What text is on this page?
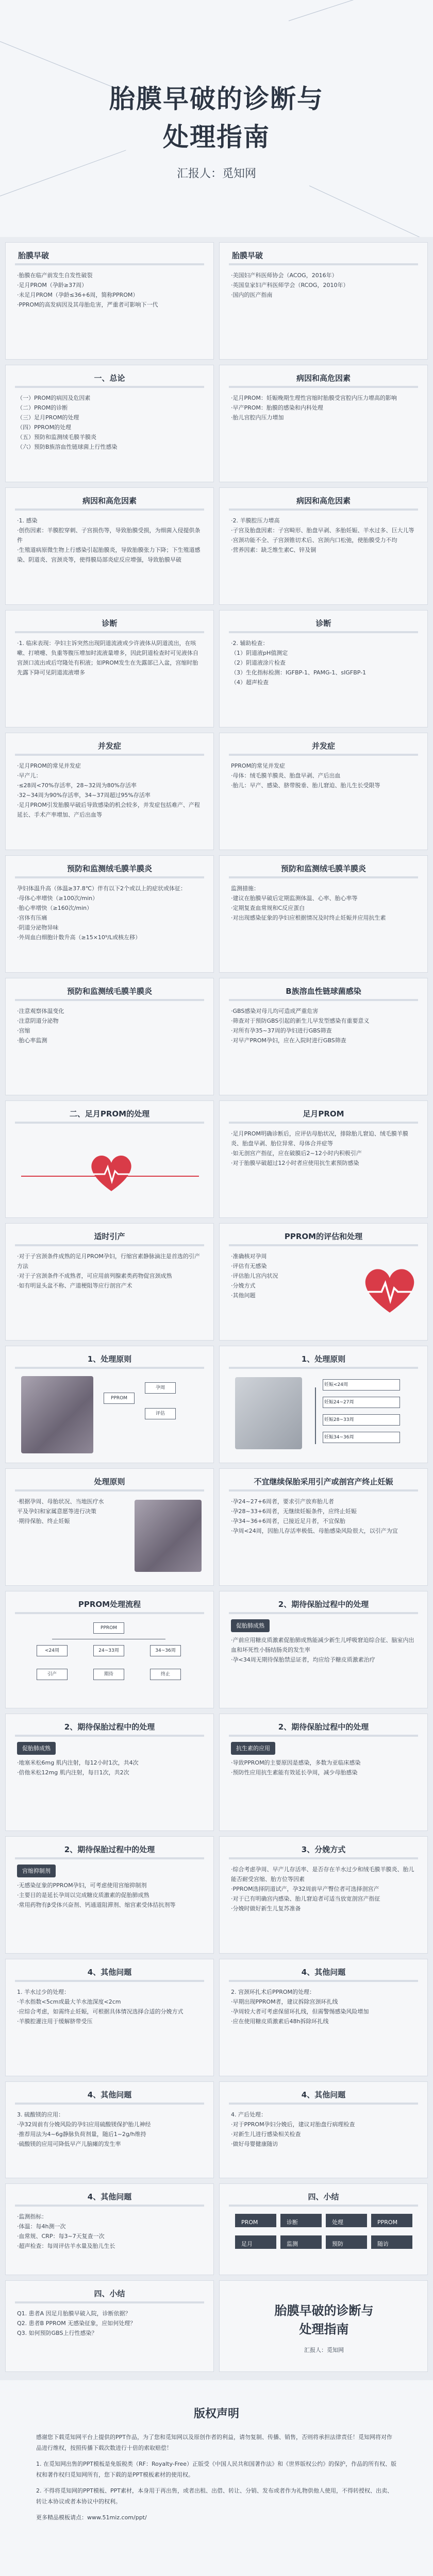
胎膜早破的诊断与
处理指南
汇报人：觅知网
胎膜早破

·胎膜在临产前发生自发性破裂

·足月PROM（孕龄≥37周）

·未足月PROM（孕龄≤36+6周，简称PPROM）

·PPROM的高发病因及其母胎危害，严重者可影响下一代

胎膜早破

·美国妇产科医师协会（ACOG，2016年）

·英国皇家妇产科医师学会（RCOG，2010年）

·国内的医产指南

一、总论

（一）PROM的病因及危因素

（二）PROM的诊断

（三）足月PROM的处理

（四）PPROM的处理

（五）预防和监测绒毛膜羊膜炎

（六）预防B族溶血性链球菌上行性感染

病因和高危因素

·足月PROM：妊娠晚期生理性宫缩时胎膜受宫腔内压力增高的影响

·早产PROM：胎膜的感染和内科处理

·胎儿宫腔内压力增加

病因和高危因素

·1. 感染

·创伤因素：羊膜腔穿刺、子宫损伤等，导致胎膜受损，为细菌入侵提供条件

·生殖道病原微生物上行感染引起胎膜炎，导致胎膜张力下降；下生殖道感染、阴道炎、宫颈炎等，使得膜局部炎症反应增强，导致胎膜早破

病因和高危因素

·2. 羊膜腔压力增高

·子宫及胎盘因素：子宫畸形、胎盘早剥、多胎妊娠、羊水过多、巨大儿等

·宫颈功能不全、子宫颈锥切术后、宫颈内口松弛，使胎膜受力不均

·营养因素：缺乏维生素C、锌及铜

诊断
·1. 临床表现：孕妇主诉突然出现阴道流液或少许液体从阴道流出，在咳嗽、打喷嚏、负重等腹压增加时流液量增多，因此阴道检查时可见液体自宫颈口流出或后穹隆处有积液；如PROM发生在先露部已入盆，宫缩时胎先露下降可见阴道流液增多
诊断

·2. 辅助检查：

（1）阴道液pH值测定

（2）阴道液涂片检查

（3）生化指标检测：IGFBP-1、PAMG-1、sIGFBP-1

（4）超声检查

并发症

·足月PROM的常见并发症

·早产儿：

·≤28周<70%存活率，28~32周为80%存活率

·32~34周为90%存活率，34~37周超过95%存活率

·足月PROM引发胎膜早破后导致感染的机会较多，并发症包括难产、产程延长、手术产率增加、产后出血等

并发症

PPROM的常见并发症

·母体：绒毛膜羊膜炎、胎盘早剥、产后出血

·胎儿：早产、感染、脐带脱垂、胎儿窘迫、胎儿生长受限等

预防和监测绒毛膜羊膜炎

孕妇体温升高（体温≥37.8℃）伴有以下2个或以上的症状或体征：

·母体心率增快（≥100次/min）

·胎心率增快（≥160次/min）

·宫体有压痛

·阴道分泌物异味

·外周血白细胞计数升高（≥15×10⁹/L或核左移）

预防和监测绒毛膜羊膜炎

监测措施：

·建议在胎膜早破后定期监测体温、心率、胎心率等

·定期复查血常规和C反应蛋白

·对出现感染征象的孕妇应根据情况及时终止妊娠并应用抗生素

预防和监测绒毛膜羊膜炎

·注意观察体温变化

·注意阴道分泌物

·宫缩

·胎心率监测

B族溶血性链球菌感染

·GBS感染对母儿均可造成严重危害

·筛查对于预防GBS引起的新生儿早发型感染有重要意义

·对所有孕35~37周的孕妇进行GBS筛查

·对早产PROM孕妇，应在入院时进行GBS筛查

二、足月PROM的处理	足月PROM

·足月PROM明确诊断后，应评估母胎状况，排除胎儿窘迫、绒毛膜羊膜炎、胎盘早剥、胎位异常、母体合并症等

·如无剖宫产指征，应在破膜后2~12小时内积极引产

·对于胎膜早破超过12小时者应使用抗生素预防感染

适时引产

·对于子宫颈条件成熟的足月PROM孕妇，行缩宫素静脉滴注是首选的引产方法

·对于子宫颈条件不成熟者，可应用前列腺素类药物促宫颈成熟

·如有明显头盆不称、产道梗阻等应行剖宫产术

PPROM的评估和处理

·准确核对孕周

·评估有无感染

·评估胎儿宫内状况

·分娩方式

·其他问题

1、处理原则
PPROM
孕周
评估
1、处理原则
妊娠<24周
妊娠24~27周
妊娠28~33周
妊娠34~36周
处理原则

·根据孕周、母胎状况、当地医疗水平及孕妇和家属意愿等进行决策

·期待保胎、终止妊娠

不宜继续保胎采用引产或剖宫产终止妊娠

·孕24~27+6周者，要求引产放弃胎儿者

·孕28~33+6周者，无继续妊娠条件，应终止妊娠

·孕34~36+6周者，已接近足月者，不宜保胎

·孕周<24周，因胎儿存活率极低、母胎感染风险很大，以引产为宜

PPROM处理流程
PPROM
<24周	24~33周	34~36周
引产	期待	终止
2、期待保胎过程中的处理
促胎肺成熟

·产前应用糖皮质激素促胎肺成熟能减少新生儿呼吸窘迫综合征、脑室内出血和坏死性小肠结肠炎的发生率

·孕<34周无期待保胎禁忌证者，均应给予糖皮质激素治疗

2、期待保胎过程中的处理
促胎肺成熟

·地塞米松6mg 肌内注射，每12小时1次，共4次

·倍他米松12mg 肌内注射，每日1次，共2次

2、期待保胎过程中的处理
抗生素的应用

·导致PPROM的主要原因是感染，多数为亚临床感染

·预防性应用抗生素能有效延长孕周，减少母胎感染

2、期待保胎过程中的处理
宫缩抑制剂

·无感染征象的PPROM孕妇，可考虑使用宫缩抑制剂

·主要目的是延长孕周以完成糖皮质激素的促胎肺成熟

·常用药物有β受体兴奋剂、钙通道阻滞剂、缩宫素受体拮抗剂等

3、分娩方式

·综合考虑孕周、早产儿存活率、是否存在羊水过少和绒毛膜羊膜炎、胎儿能否耐受宫缩、胎方位等因素

·PPROM选择阴道试产，孕32周前早产臀位者可选择剖宫产

·对于已有明确宫内感染、胎儿窘迫者可适当放宽剖宫产指征

·分娩时做好新生儿复苏准备

4、其他问题

1. 羊水过少的处理：

·羊水指数<5cm或最大羊水池深度<2cm

·应综合考虑，如需终止妊娠，可根据具体情况选择合适的分娩方式

·羊膜腔灌注用于缓解脐带受压

4、其他问题

2. 宫颈环扎术后PPROM的处理：

·早期出现PPROM者，建议拆除宫颈环扎线

·孕周较大者可考虑保留环扎线，但需警惕感染风险增加

·应在使用糖皮质激素后48h拆除环扎线

4、其他问题

3. 硫酸镁的应用：

·孕32周前有分娩风险的孕妇应用硫酸镁保护胎儿神经

·推荐用法为4~6g静脉负荷剂量，随后1~2g/h维持

·硫酸镁的应用可降低早产儿脑瘫的发生率

4、其他问题

4. 产后处理：

·对于PPROM孕妇分娩后，建议对胎盘行病理检查

·对新生儿进行感染相关检查

·做好母婴健康随访

4、其他问题

·监测指标：

·体温：每4h测一次

·血常规、CRP：每3~7天复查一次

·超声检查：每周评估羊水量及胎儿生长

四、小结
PROM	诊断	处理	PPROM
足月	监测	预防	随访
四、小结

Q1. 患者A 因足月胎膜早破入院，诊断依据？

Q2. 患者B PPROM 无感染征象，应如何处理？

Q3. 如何预防GBS上行性感染？

胎膜早破的诊断与
处理指南
汇报人：觅知网
版权声明

感谢您下载觅知网平台上提供的PPT作品，为了您和觅知网以及原创作者的利益，请勿复制、传播、销售，否则将承担法律责任！觅知网将对作品进行维权，按照传播下载次数进行十倍的索取赔偿！

1. 在觅知网出售的PPT模板是免版税类（RF：Royalty-Free）正版受《中国人民共和国著作法》和《世界版权公约》的保护，作品的所有权、版权和著作权归觅知网所有，您下载的是PPT模板素材的使用权。

2. 不得将觅知网的PPT模板、PPT素材，本身用于再出售，或者出租、出借、转让、分销、发布或者作为礼物供他人使用，不得转授权、出卖、转让本协议或者本协议中的权利。

更多精品模板请点：www.51miz.com/ppt/
